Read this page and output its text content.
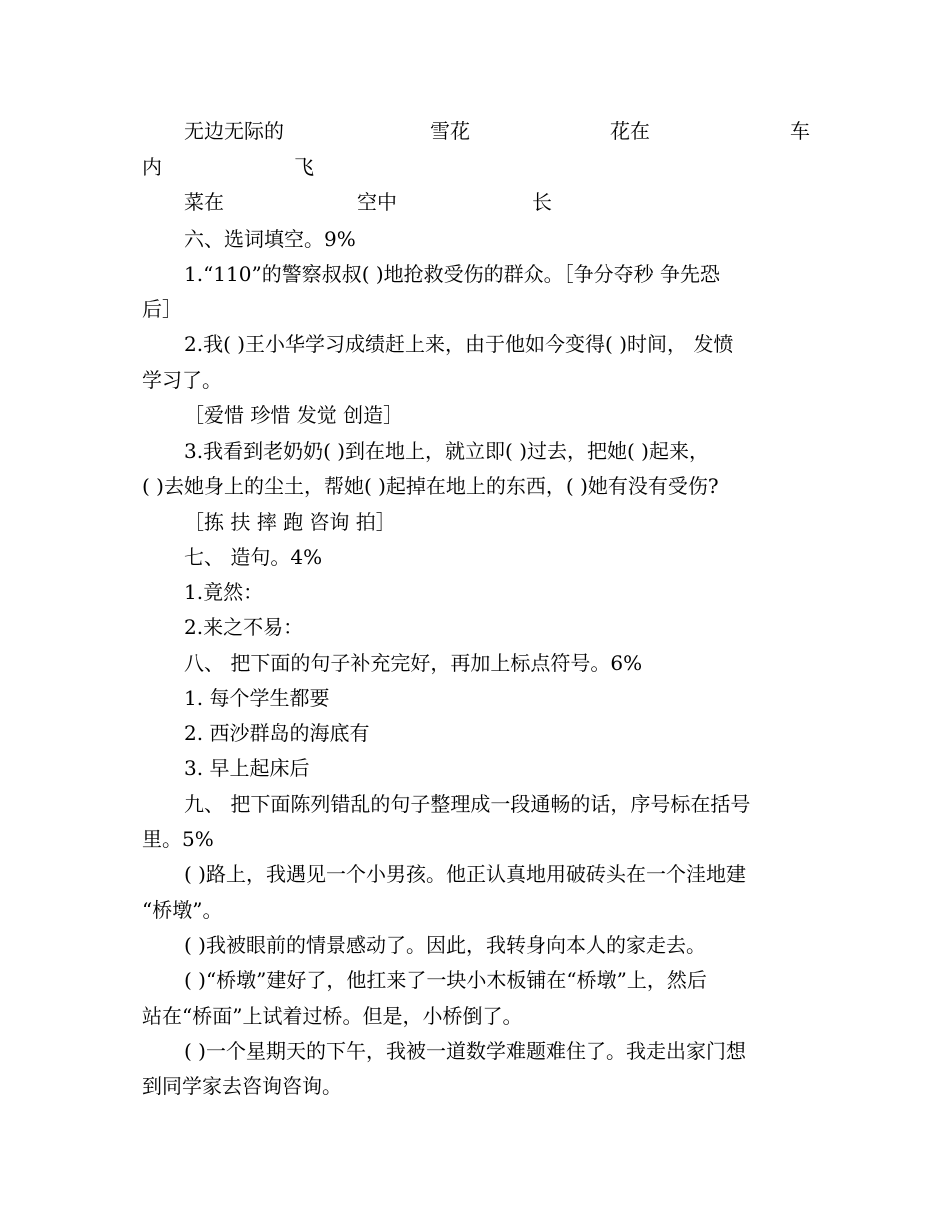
无边无际的	雪花	花在	车
内	飞
菜在	空中	长
六、选词填空。9%
1.“110”的警察叔叔( )地抢救受伤的群众。［争分夺秒 争先恐
后］
2.我( )王小华学习成绩赶上来，由于他如今变得( )时间， 发愤
学习了。
［爱惜 珍惜 发觉 创造］
3.我看到老奶奶( )到在地上，就立即( )过去，把她( )起来，
( )去她身上的尘土，帮她( )起掉在地上的东西，( )她有没有受伤?
［拣 扶 摔 跑 咨询 拍］
七、 造句。4%
1.竟然：
2.来之不易：
八、 把下面的句子补充完好，再加上标点符号。6%
1. 每个学生都要
2. 西沙群岛的海底有
3. 早上起床后
九、 把下面陈列错乱的句子整理成一段通畅的话，序号标在括号
里。5%
( )路上，我遇见一个小男孩。他正认真地用破砖头在一个洼地建
“桥墩”。
( )我被眼前的情景感动了。因此，我转身向本人的家走去。
( )“桥墩”建好了，他扛来了一块小木板铺在“桥墩”上，然后
站在“桥面”上试着过桥。但是，小桥倒了。
( )一个星期天的下午，我被一道数学难题难住了。我走出家门想
到同学家去咨询咨询。
